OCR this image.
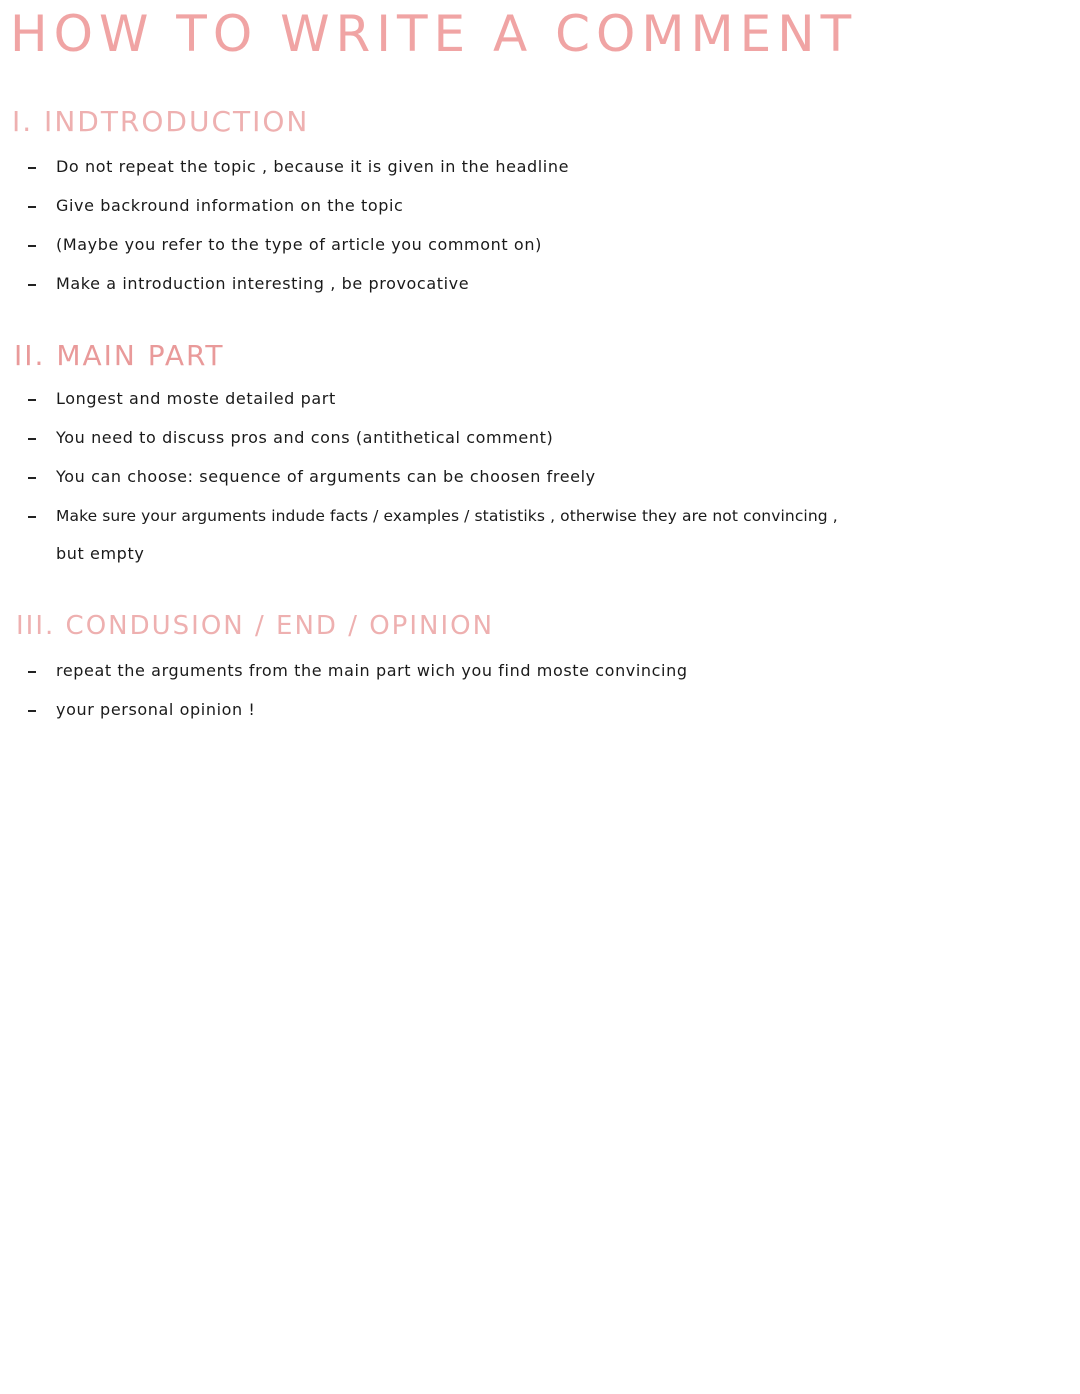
HOW TO WRITE A COMMENT
I. INDTRODUCTION
Do not repeat the topic , because it is given in the headline
Give backround information on the topic
(Maybe you refer to the type of article you commont on)
Make a introduction interesting , be provocative
II. MAIN PART
Longest and moste detailed part
You need to discuss pros and cons (antithetical comment)
You can choose: sequence of arguments can be choosen freely
Make sure your arguments indude facts / examples / statistiks , otherwise they are not convincing ,
but empty
III. CONDUSION / END / OPINION
repeat the arguments from the main part wich you find moste convincing
your personal opinion !
